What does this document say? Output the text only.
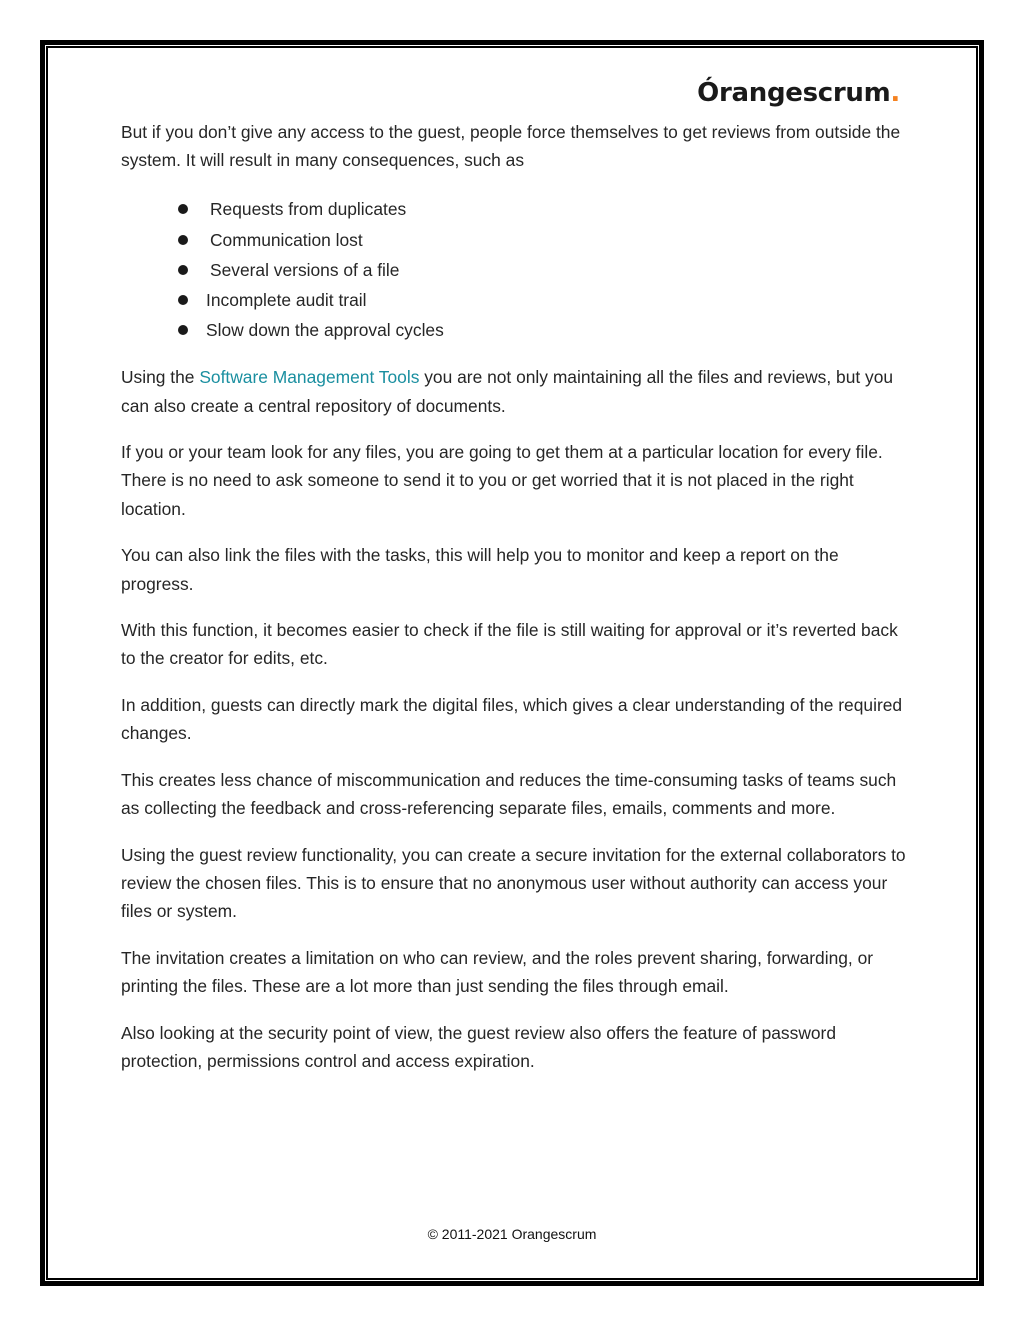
Órangescrum .

But if you don’t give any access to the guest, people force themselves to get reviews from outside the system. It will result in many consequences, such as

Requests from duplicates
Communication lost
Several versions of a file
Incomplete audit trail
Slow down the approval cycles

Using the Software Management Tools you are not only maintaining all the files and reviews, but you can also create a central repository of documents.

If you or your team look for any files, you are going to get them at a particular location for every file. There is no need to ask someone to send it to you or get worried that it is not placed in the right location.

You can also link the files with the tasks, this will help you to monitor and keep a report on the progress.

With this function, it becomes easier to check if the file is still waiting for approval or it’s reverted back to the creator for edits, etc.

In addition, guests can directly mark the digital files, which gives a clear understanding of the required changes.

This creates less chance of miscommunication and reduces the time-consuming tasks of teams such as collecting the feedback and cross-referencing separate files, emails, comments and more.

Using the guest review functionality, you can create a secure invitation for the external collaborators to review the chosen files. This is to ensure that no anonymous user without authority can access your files or system.

The invitation creates a limitation on who can review, and the roles prevent sharing, forwarding, or printing the files. These are a lot more than just sending the files through email.

Also looking at the security point of view, the guest review also offers the feature of password protection, permissions control and access expiration.

© 2011-2021 Orangescrum
